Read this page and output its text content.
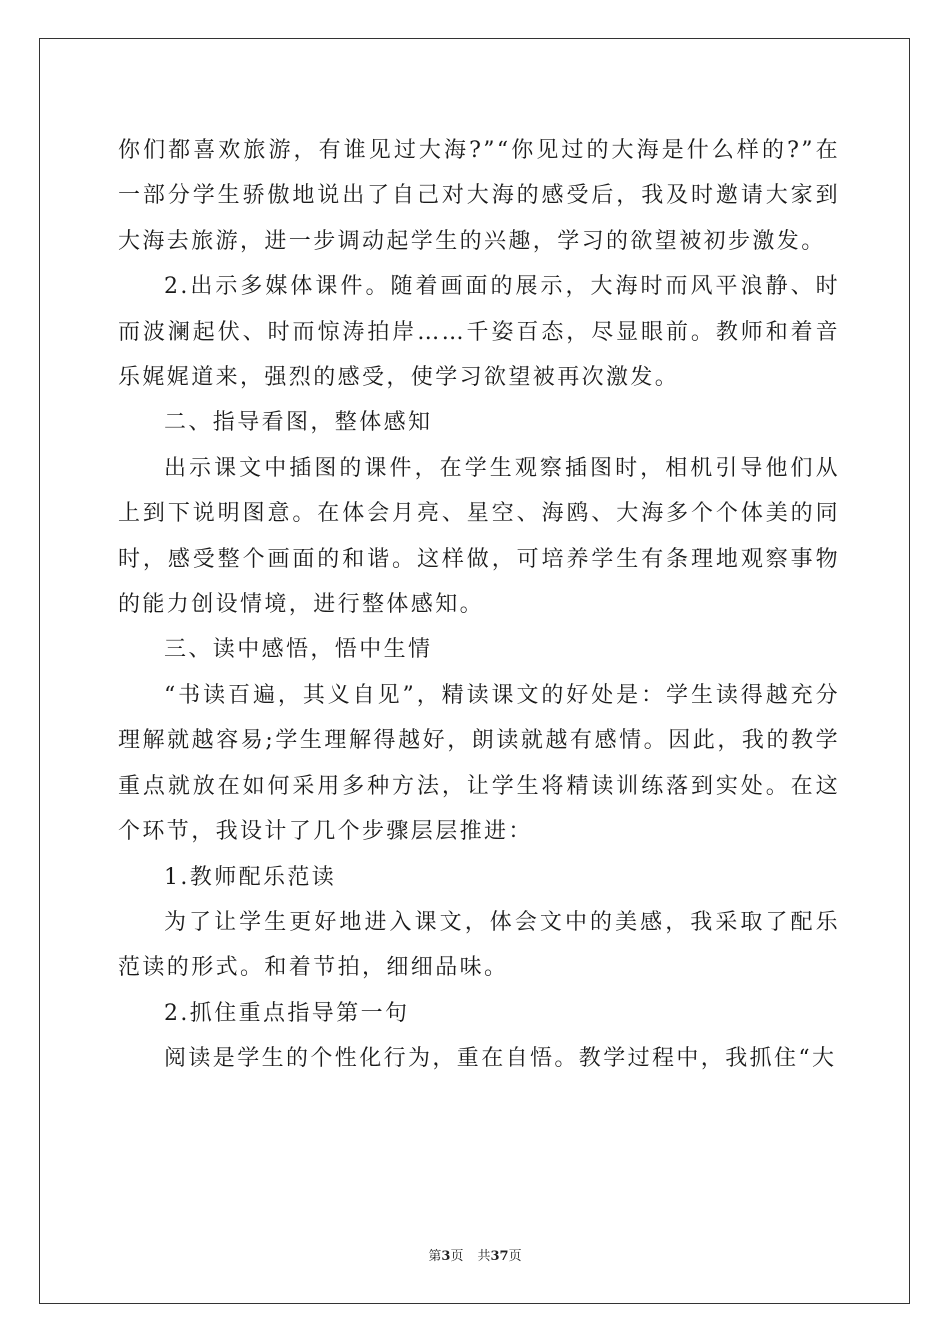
你们都喜欢旅游，有谁见过大海?”“你见过的大海是什么样的?”在一部分学生骄傲地说出了自己对大海的感受后，我及时邀请大家到大海去旅游，进一步调动起学生的兴趣，学习的欲望被初步激发。

2.出示多媒体课件。随着画面的展示，大海时而风平浪静、时而波澜起伏、时而惊涛拍岸……千姿百态，尽显眼前。教师和着音乐娓娓道来，强烈的感受，使学习欲望被再次激发。

二、指导看图，整体感知

出示课文中插图的课件，在学生观察插图时，相机引导他们从上到下说明图意。在体会月亮、星空、海鸥、大海多个个体美的同时，感受整个画面的和谐。这样做，可培养学生有条理地观察事物的能力创设情境，进行整体感知。

三、读中感悟，悟中生情

“书读百遍，其义自见”，精读课文的好处是：学生读得越充分理解就越容易;学生理解得越好，朗读就越有感情。因此，我的教学重点就放在如何采用多种方法，让学生将精读训练落到实处。在这个环节，我设计了几个步骤层层推进：

1.教师配乐范读

为了让学生更好地进入课文，体会文中的美感，我采取了配乐范读的形式。和着节拍，细细品味。

2.抓住重点指导第一句

阅读是学生的个性化行为，重在自悟。教学过程中，我抓住“大

第3页 共37页
